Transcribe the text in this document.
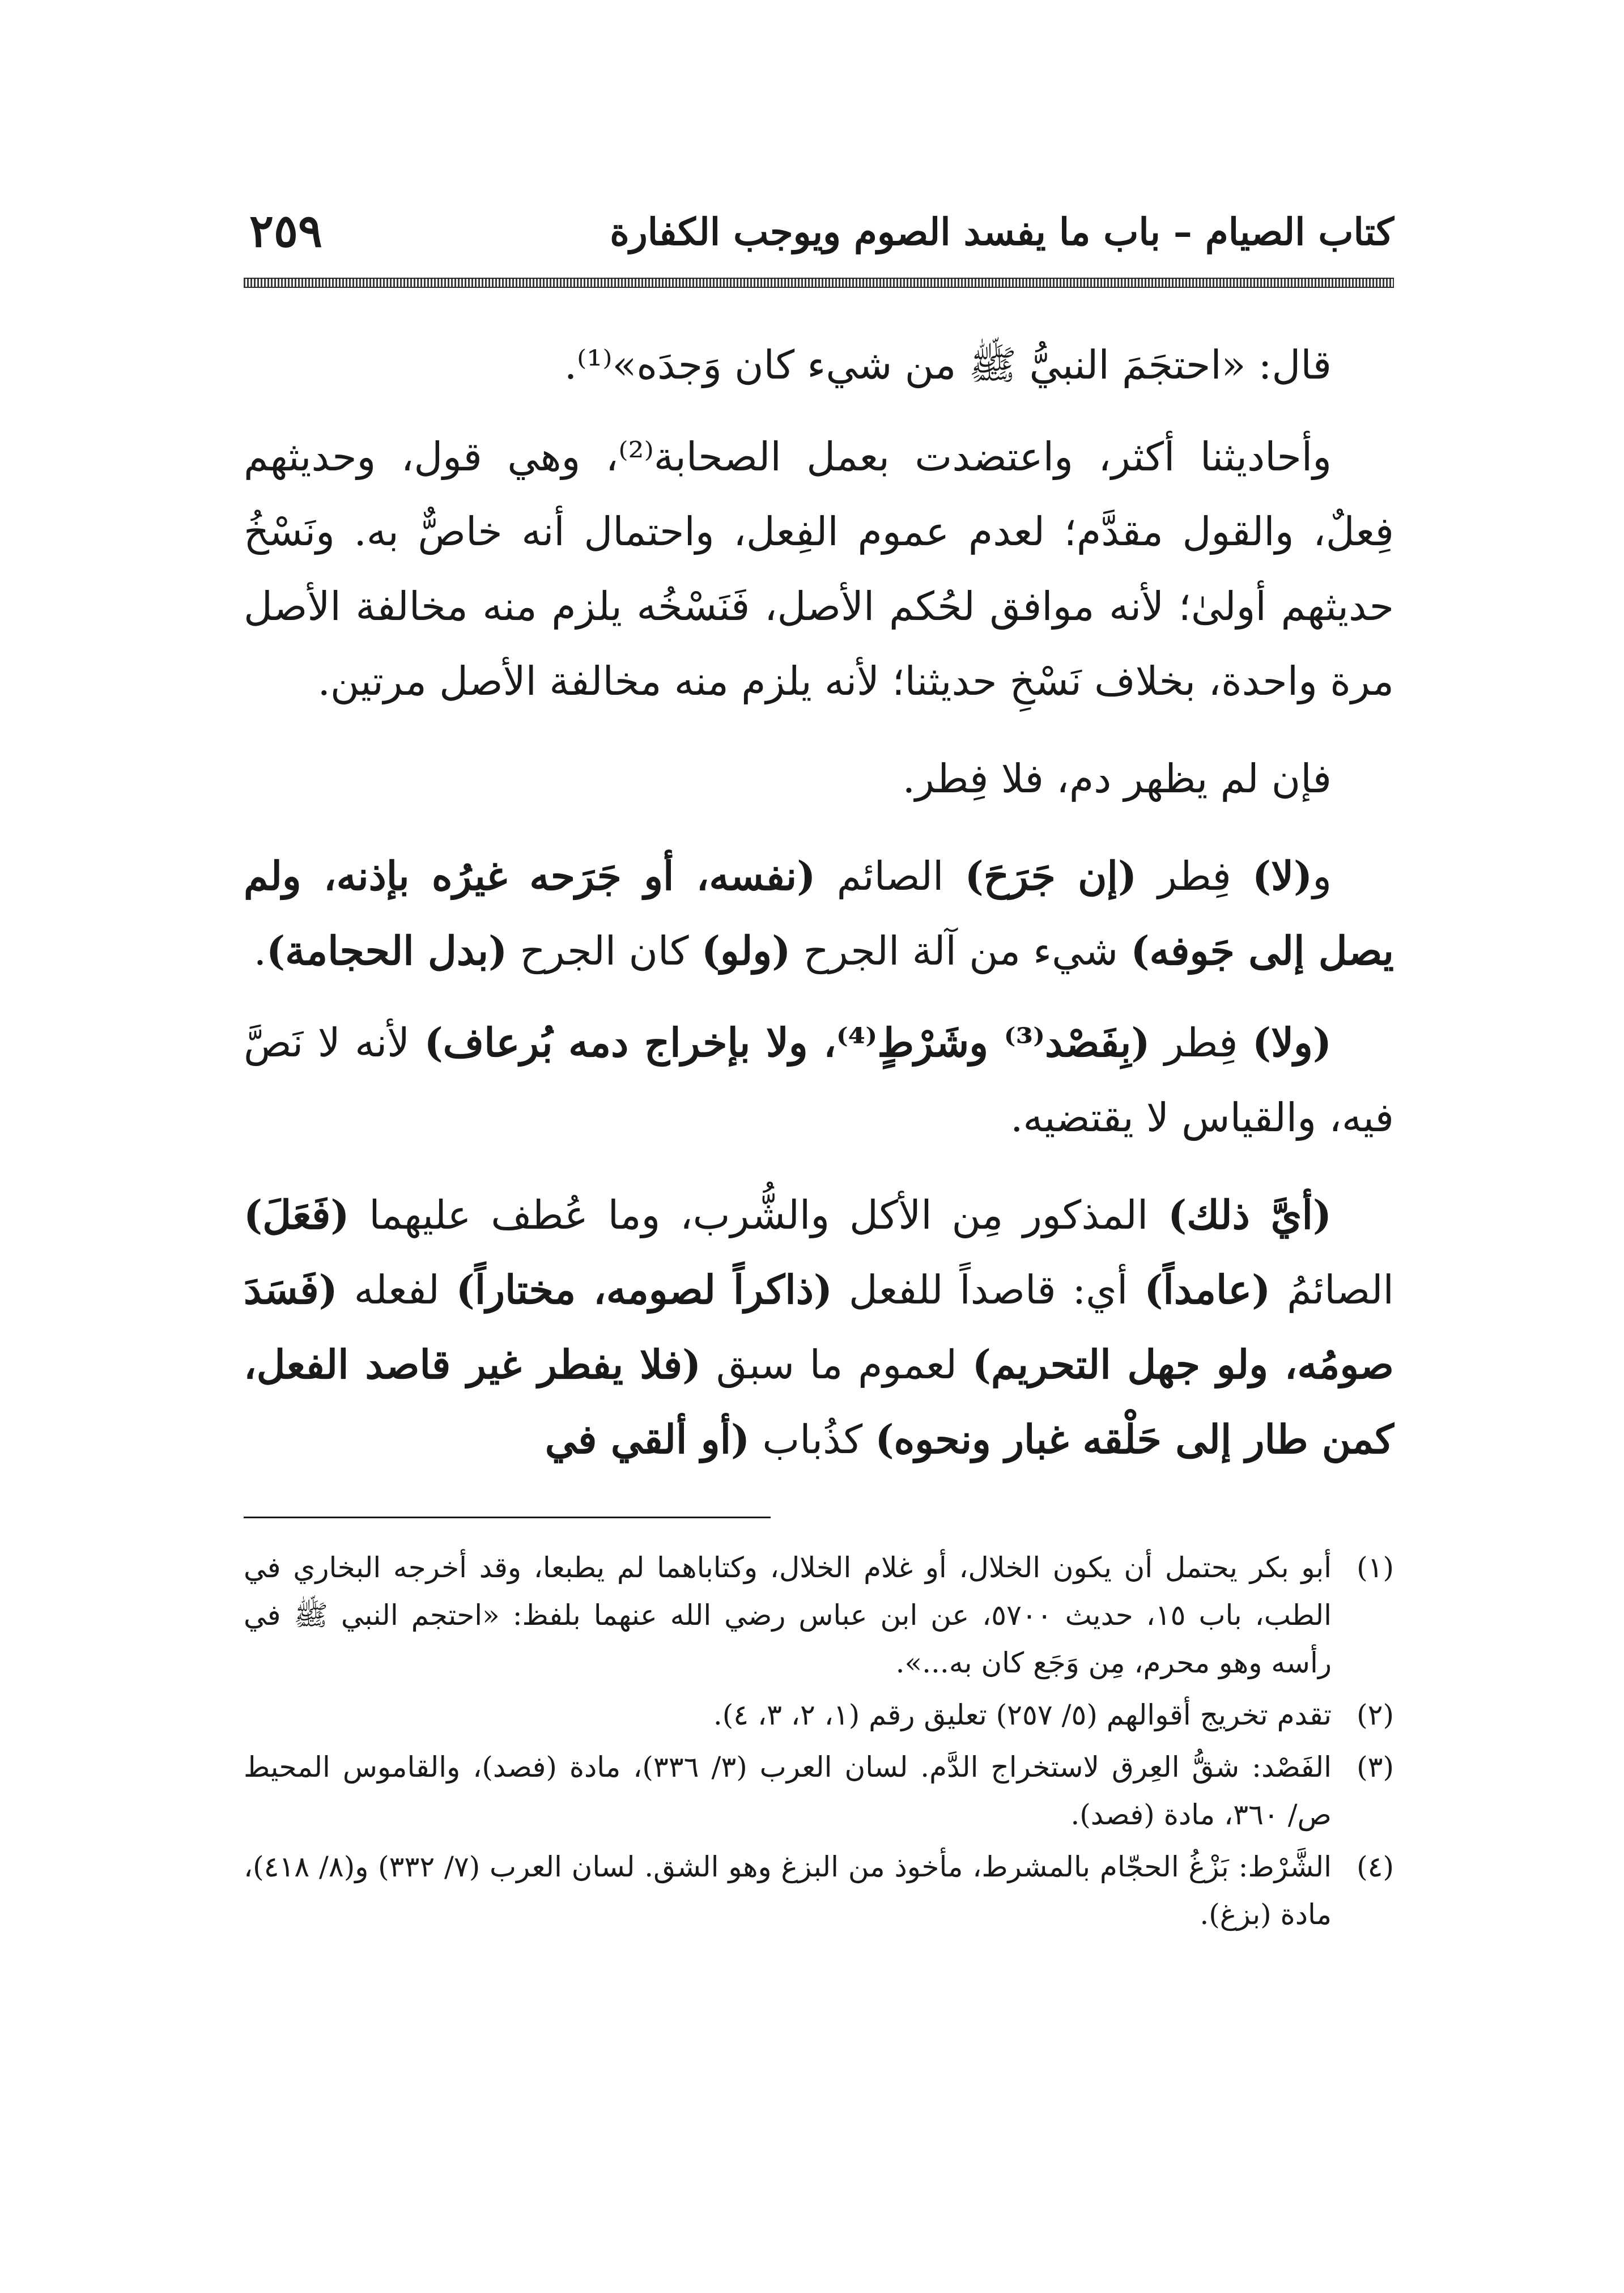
كتاب الصيام – باب ما يفسد الصوم ويوجب الكفارة
٢٥٩

قال: «احتجَمَ النبيُّ ﷺ من شيء كان وَجدَه»⁽¹⁾.

وأحاديثنا أكثر، واعتضدت بعمل الصحابة⁽²⁾، وهي قول، وحديثهم فِعلٌ، والقول مقدَّم؛ لعدم عموم الفِعل، واحتمال أنه خاصٌّ به. ونَسْخُ حديثهم أولىٰ؛ لأنه موافق لحُكم الأصل، فَنَسْخُه يلزم منه مخالفة الأصل مرة واحدة، بخلاف نَسْخِ حديثنا؛ لأنه يلزم منه مخالفة الأصل مرتين.

فإن لم يظهر دم، فلا فِطر.

و(لا) فِطر (إن جَرَحَ) الصائم (نفسه، أو جَرَحه غيرُه بإذنه، ولم يصل إلى جَوفه) شيء من آلة الجرح (ولو) كان الجرح (بدل الحجامة).

(ولا) فِطر (بِفَصْد⁽³⁾ وشَرْطٍ⁽⁴⁾، ولا بإخراج دمه بُرعاف) لأنه لا نَصَّ فيه، والقياس لا يقتضيه.

(أيَّ ذلك) المذكور مِن الأكل والشُّرب، وما عُطف عليهما (فَعَلَ) الصائمُ (عامداً) أي: قاصداً للفعل (ذاكراً لصومه، مختاراً) لفعله (فَسَدَ صومُه، ولو جهل التحريم) لعموم ما سبق (فلا يفطر غير قاصد الفعل، كمن طار إلى حَلْقه غبار ونحوه) كذُباب (أو ألقي في

(١)
أبو بكر يحتمل أن يكون الخلال، أو غلام الخلال، وكتاباهما لم يطبعا، وقد أخرجه البخاري في الطب، باب ١٥، حديث ٥٧٠٠، عن ابن عباس رضي الله عنهما بلفظ: «احتجم النبي ﷺ في رأسه وهو محرم، مِن وَجَع كان به...».
(٢)
تقدم تخريج أقوالهم (٥/ ٢٥٧) تعليق رقم (١، ٢، ٣، ٤).
(٣)
الفَصْد: شقُّ العِرق لاستخراج الدَّم. لسان العرب (٣/ ٣٣٦)، مادة (فصد)، والقاموس المحيط ص/ ٣٦٠، مادة (فصد).
(٤)
الشَّرْط: بَزْغُ الحجّام بالمشرط، مأخوذ من البزغ وهو الشق. لسان العرب (٧/ ٣٣٢) و(٨/ ٤١٨)، مادة (بزغ).
